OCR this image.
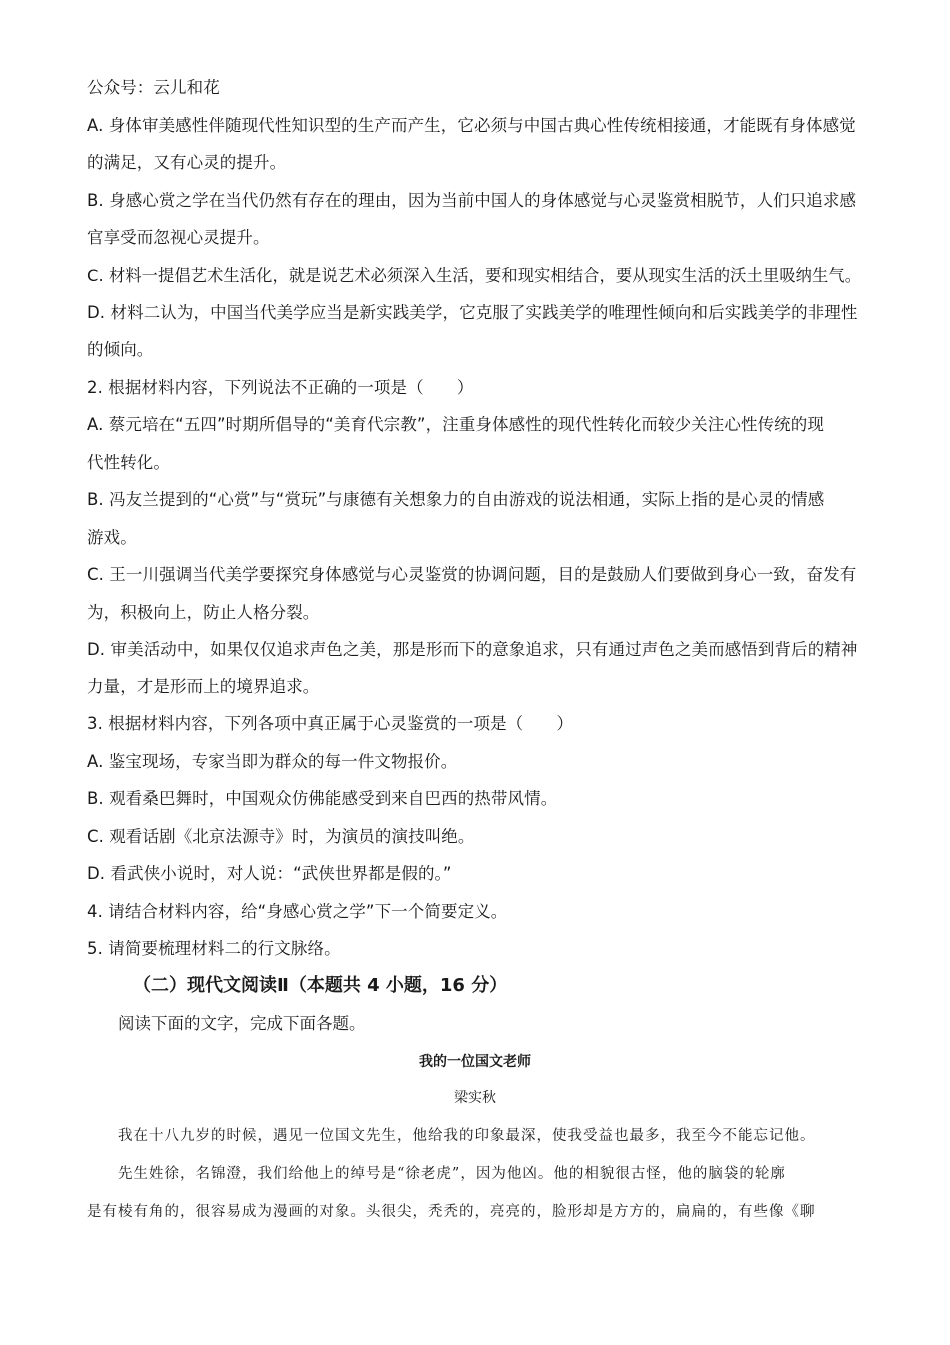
公众号：云儿和花
A. 身体审美感性伴随现代性知识型的生产而产生，它必须与中国古典心性传统相接通，才能既有身体感觉
的满足，又有心灵的提升。
B. 身感心赏之学在当代仍然有存在的理由，因为当前中国人的身体感觉与心灵鉴赏相脱节，人们只追求感
官享受而忽视心灵提升。
C. 材料一提倡艺术生活化，就是说艺术必须深入生活，要和现实相结合，要从现实生活的沃土里吸纳生气。
D. 材料二认为，中国当代美学应当是新实践美学，它克服了实践美学的唯理性倾向和后实践美学的非理性
的倾向。
2. 根据材料内容，下列说法不正确的一项是（　　）
A. 蔡元培在“五四”时期所倡导的“美育代宗教”，注重身体感性的现代性转化而较少关注心性传统的现
代性转化。
B. 冯友兰提到的“心赏”与“赏玩”与康德有关想象力的自由游戏的说法相通，实际上指的是心灵的情感
游戏。
C. 王一川强调当代美学要探究身体感觉与心灵鉴赏的协调问题，目的是鼓励人们要做到身心一致，奋发有
为，积极向上，防止人格分裂。
D. 审美活动中，如果仅仅追求声色之美，那是形而下的意象追求，只有通过声色之美而感悟到背后的精神
力量，才是形而上的境界追求。
3. 根据材料内容，下列各项中真正属于心灵鉴赏的一项是（　　）
A. 鉴宝现场，专家当即为群众的每一件文物报价。
B. 观看桑巴舞时，中国观众仿佛能感受到来自巴西的热带风情。
C. 观看话剧《北京法源寺》时，为演员的演技叫绝。
D. 看武侠小说时，对人说：“武侠世界都是假的。”
4. 请结合材料内容，给“身感心赏之学”下一个简要定义。
5. 请简要梳理材料二的行文脉络。
（二）现代文阅读Ⅱ（本题共 4 小题，16 分）
阅读下面的文字，完成下面各题。
我的一位国文老师
梁实秋
我在十八九岁的时候，遇见一位国文先生，他给我的印象最深，使我受益也最多，我至今不能忘记他。
先生姓徐，名锦澄，我们给他上的绰号是“徐老虎”，因为他凶。他的相貌很古怪，他的脑袋的轮廓
是有棱有角的，很容易成为漫画的对象。头很尖，秃秃的，亮亮的，脸形却是方方的，扁扁的，有些像《聊
